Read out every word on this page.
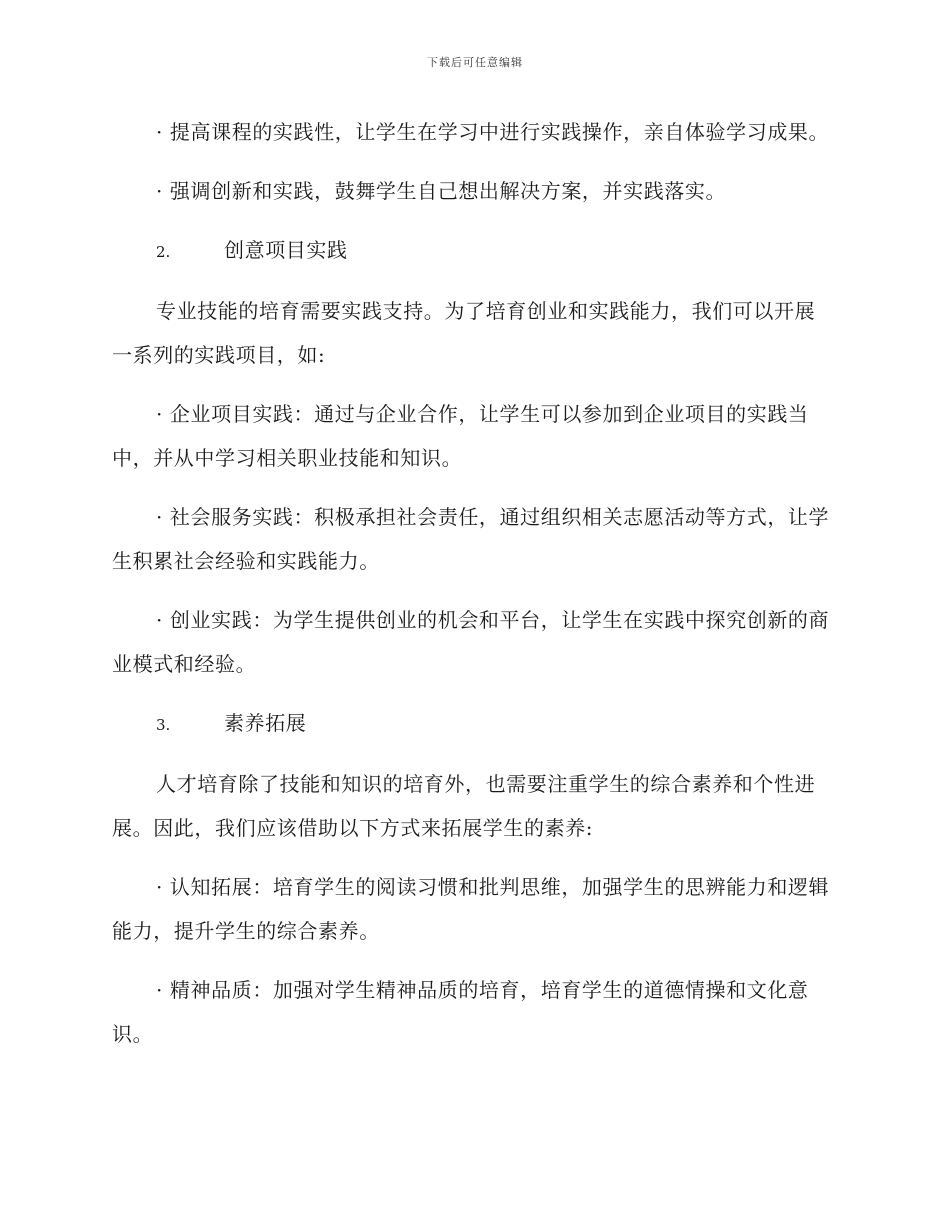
下载后可任意编辑

· 提高课程的实践性，让学生在学习中进行实践操作，亲自体验学习成果。

· 强调创新和实践，鼓舞学生自己想出解决方案，并实践落实。

2.	创意项目实践

专业技能的培育需要实践支持。为了培育创业和实践能力，我们可以开展一系列的实践项目，如:

· 企业项目实践：通过与企业合作，让学生可以参加到企业项目的实践当中，并从中学习相关职业技能和知识。

· 社会服务实践：积极承担社会责任，通过组织相关志愿活动等方式，让学生积累社会经验和实践能力。

· 创业实践：为学生提供创业的机会和平台，让学生在实践中探究创新的商业模式和经验。

3.	素养拓展

人才培育除了技能和知识的培育外，也需要注重学生的综合素养和个性进展。因此，我们应该借助以下方式来拓展学生的素养:

· 认知拓展：培育学生的阅读习惯和批判思维，加强学生的思辨能力和逻辑能力，提升学生的综合素养。

· 精神品质：加强对学生精神品质的培育，培育学生的道德情操和文化意识。
